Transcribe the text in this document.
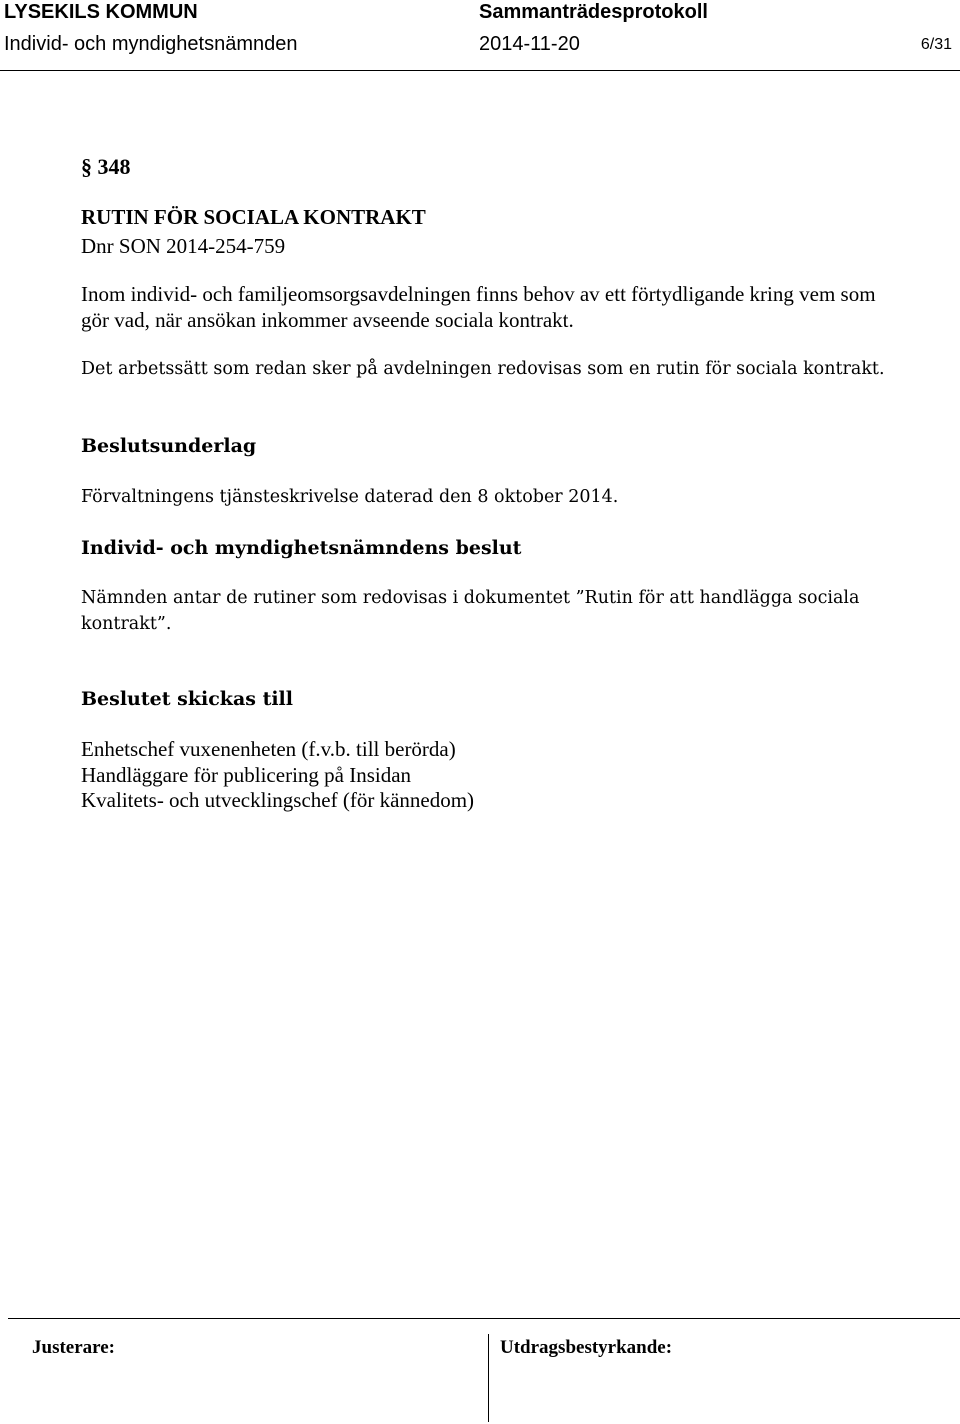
LYSEKILS KOMMUN	Sammanträdesprotokoll
Individ- och myndighetsnämnden	2014-11-20	6/31
§ 348
RUTIN FÖR SOCIALA KONTRAKT
Dnr SON 2014-254-759

Inom individ- och familjeomsorgsavdelningen finns behov av ett förtydligande kring vem som gör vad, när ansökan inkommer avseende sociala kontrakt.

Det arbetssätt som redan sker på avdelningen redovisas som en rutin för sociala kontrakt.

Beslutsunderlag

Förvaltningens tjänsteskrivelse daterad den 8 oktober 2014.

Individ- och myndighetsnämndens beslut

Nämnden antar de rutiner som redovisas i dokumentet ”Rutin för att handlägga sociala kontrakt”.

Beslutet skickas till
Enhetschef vuxenenheten (f.v.b. till berörda)
Handläggare för publicering på Insidan
Kvalitets- och utvecklingschef (för kännedom)
Justerare:	Utdragsbestyrkande:
